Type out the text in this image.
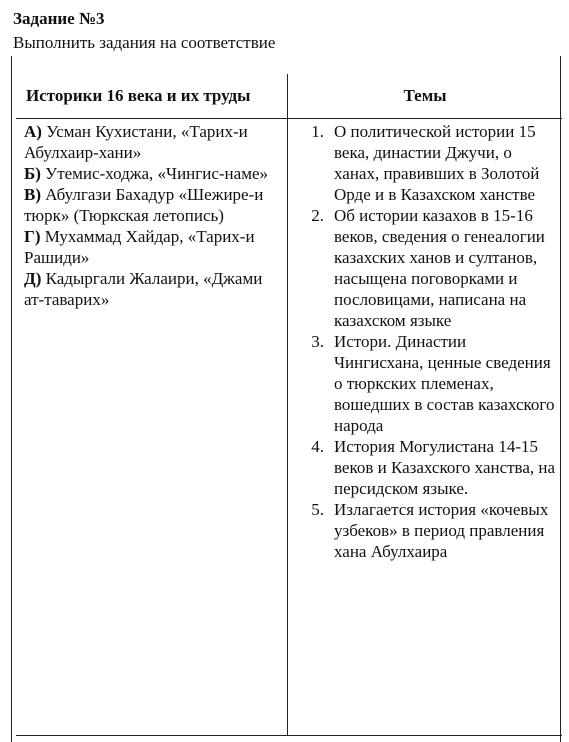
Задание №3
Выполнить задания на соответствие
Историки 16 века и их труды	Темы

А) Усман Кухистани, «Тарих-и Абулхаир-хани»

Б) Утемис-ходжа, «Чингис-наме»

В) Абулгази Бахадур «Шежире-и тюрк» (Тюркская летопись)

Г) Мухаммад Хайдар, «Тарих-и Рашиди»

Д) Кадыргали Жалаири, «Джами ат-таварих»

1. О политической истории 15 века, династии Джучи, о ханах, правивших в Золотой Орде и в Казахском ханстве
2. Об истории казахов в 15-16 веков, сведения о генеалогии казахских ханов и султанов, насыщена поговорками и пословицами, написана на казахском языке
3. Истори. Династии Чингисхана, ценные сведения о тюркских племенах, вошедших в состав казахского народа
4. История Могулистана 14-15 веков и Казахского ханства, на персидском языке.
5. Излагается история «кочевых узбеков» в период правления хана Абулхаира
